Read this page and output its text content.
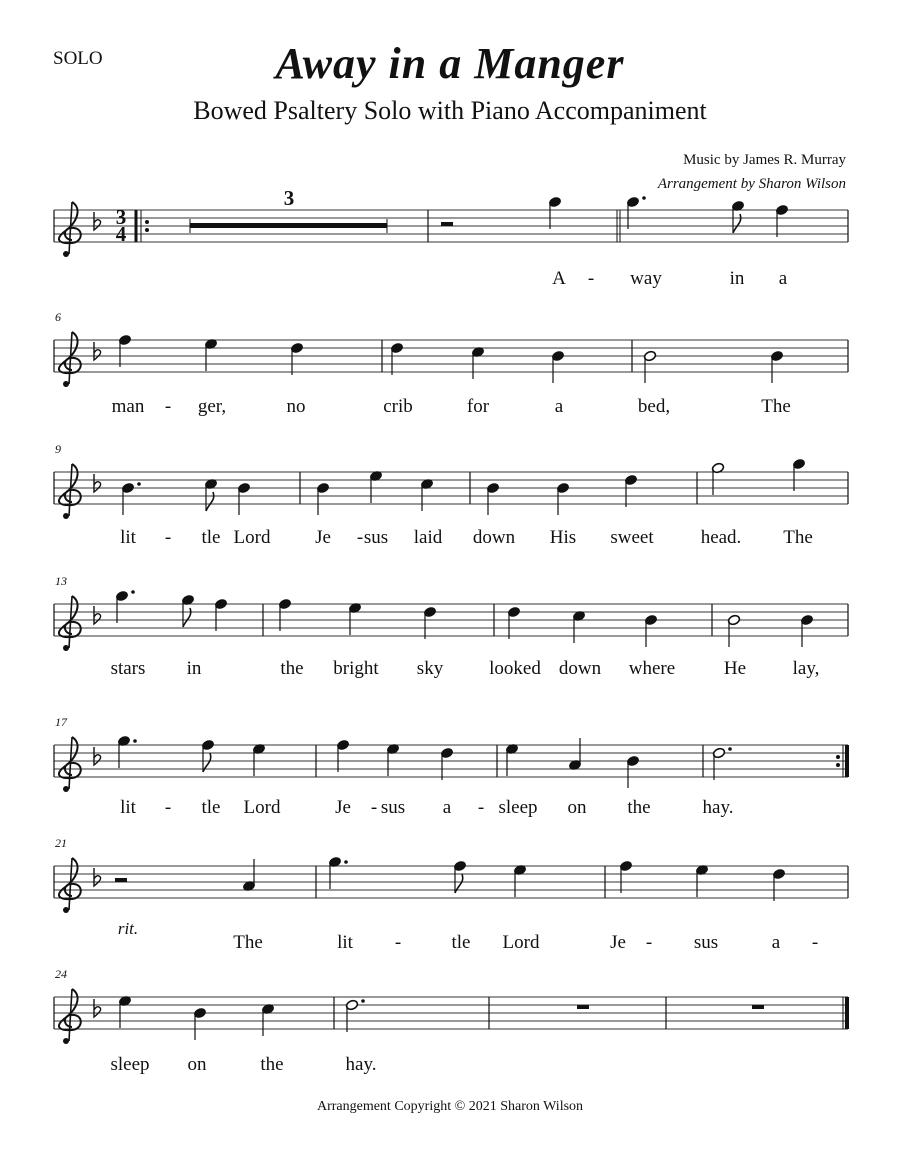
SOLO	Away in a Manger
Bowed Psaltery Solo with Piano Accompaniment
Music by James R. Murray
Arrangement by Sharon Wilson
3
4
3
A - way	in a
6
man - ger,	no	crib	for	a	bed,	The
9
lit - tle Lord Je - sus laid down His sweet head. The
13
stars in	the bright sky looked down where	He lay,
17
lit - tle Lord	Je - sus a - sleep on the	hay.
21
rit.
The	lit -	tle Lord	Je - sus	a -
24
sleep on	the	hay.
Arrangement Copyright © 2021 Sharon Wilson
